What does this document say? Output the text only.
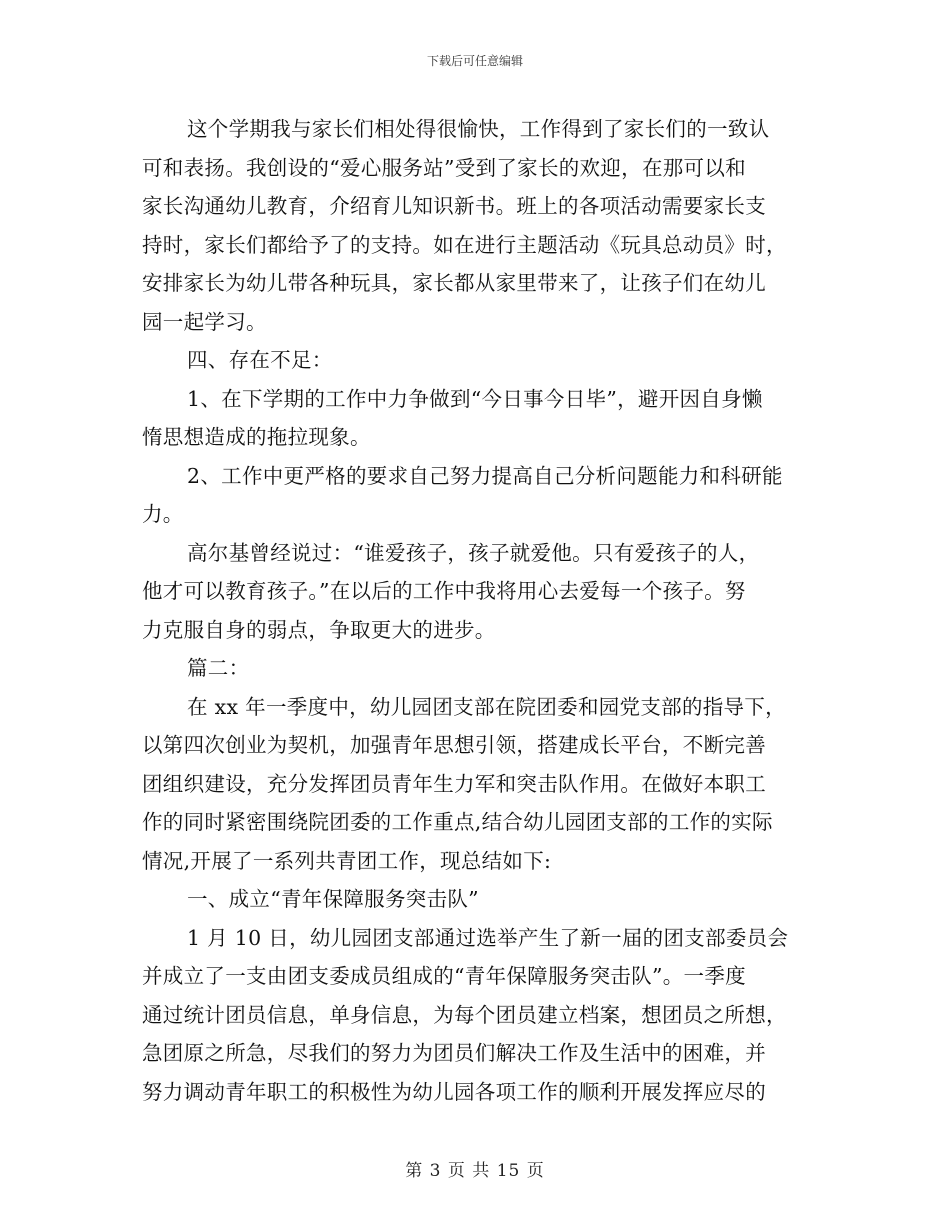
下载后可任意编辑
这个学期我与家长们相处得很愉快，工作得到了家长们的一致认
可和表扬。我创设的“爱心服务站”受到了家长的欢迎，在那可以和
家长沟通幼儿教育，介绍育儿知识新书。班上的各项活动需要家长支
持时，家长们都给予了的支持。如在进行主题活动《玩具总动员》时，
安排家长为幼儿带各种玩具，家长都从家里带来了，让孩子们在幼儿
园一起学习。
四、存在不足：
1、在下学期的工作中力争做到“今日事今日毕”，避开因自身懒
惰思想造成的拖拉现象。
2、工作中更严格的要求自己努力提高自己分析问题能力和科研能
力。
高尔基曾经说过：“谁爱孩子，孩子就爱他。只有爱孩子的人，
他才可以教育孩子。”在以后的工作中我将用心去爱每一个孩子。努
力克服自身的弱点，争取更大的进步。
篇二：
在 xx 年一季度中，幼儿园团支部在院团委和园党支部的指导下，
以第四次创业为契机，加强青年思想引领，搭建成长平台，不断完善
团组织建设，充分发挥团员青年生力军和突击队作用。在做好本职工
作的同时紧密围绕院团委的工作重点,结合幼儿园团支部的工作的实际
情况,开展了一系列共青团工作，现总结如下:
一、成立“青年保障服务突击队”
1 月 10 日，幼儿园团支部通过选举产生了新一届的团支部委员会
并成立了一支由团支委成员组成的“青年保障服务突击队”。一季度
通过统计团员信息，单身信息，为每个团员建立档案，想团员之所想，
急团原之所急，尽我们的努力为团员们解决工作及生活中的困难，并
努力调动青年职工的积极性为幼儿园各项工作的顺利开展发挥应尽的
第 3 页 共 15 页
